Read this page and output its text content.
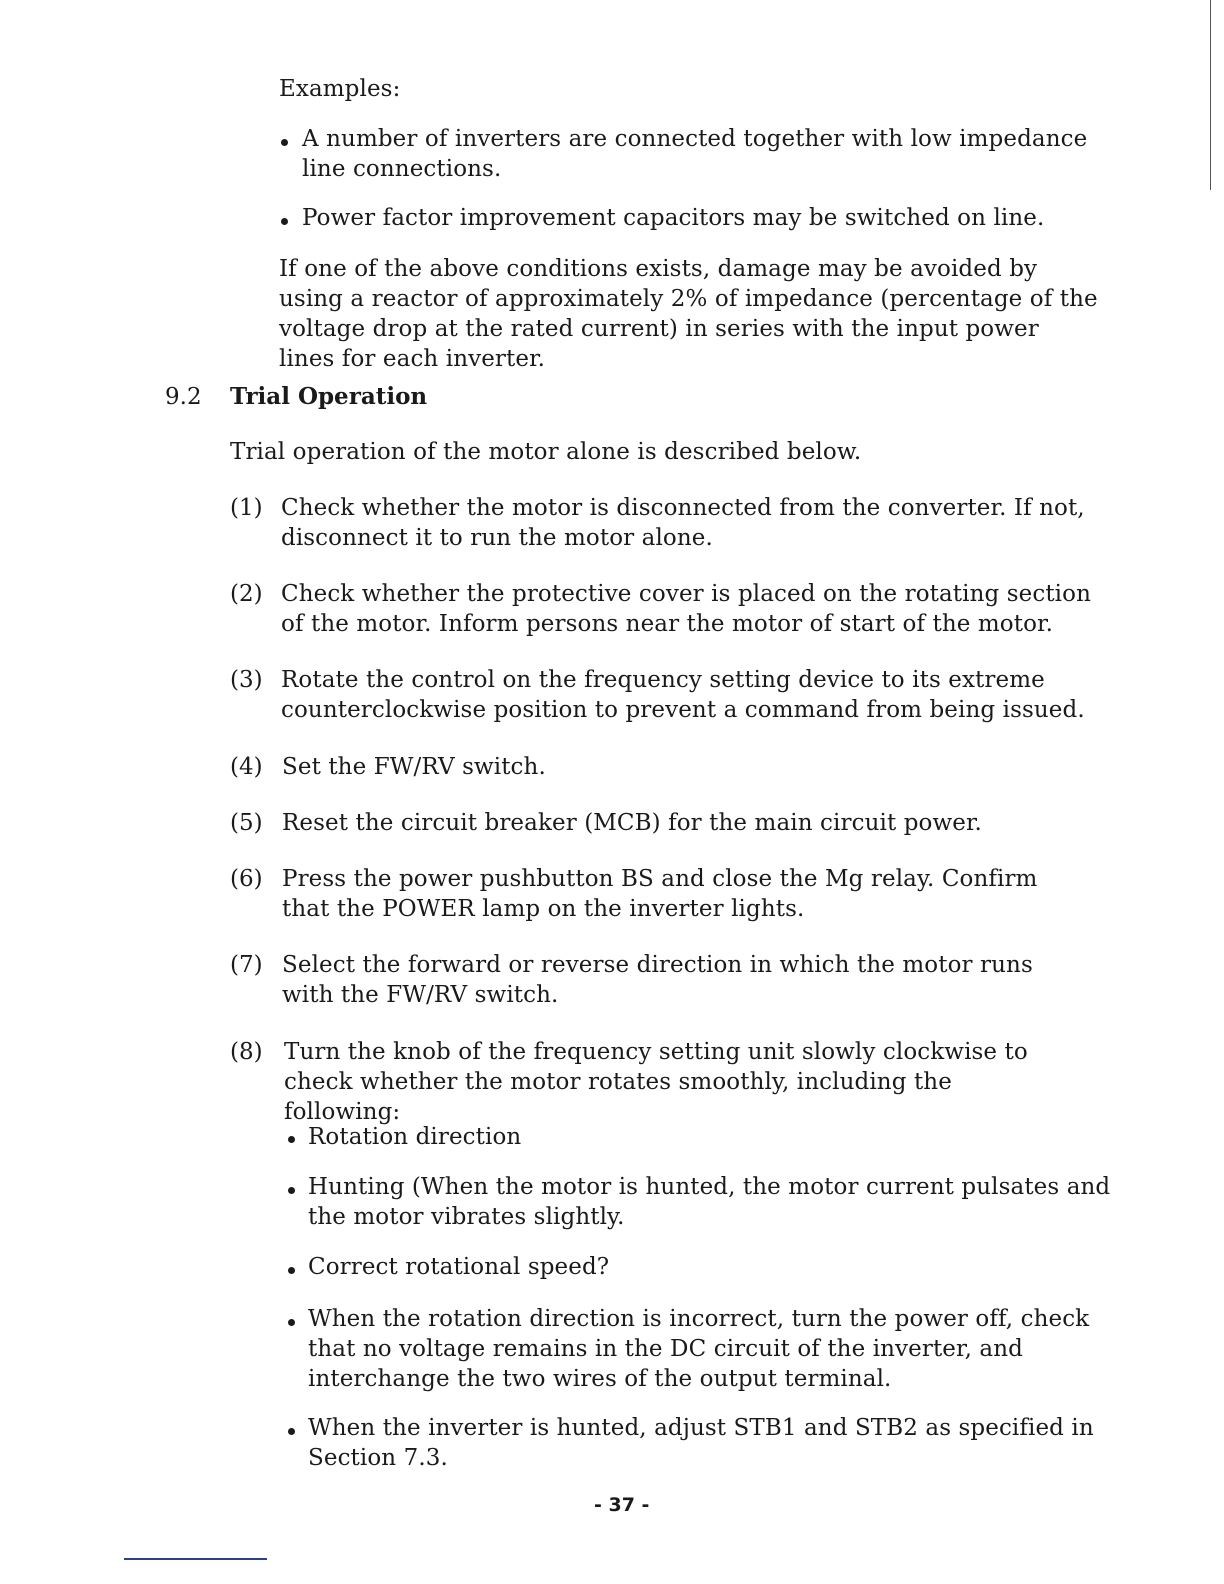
Examples:
A number of inverters are connected together with low impedance line connections.
Power factor improvement capacitors may be switched on line.
If one of the above conditions exists, damage may be avoided by using a reactor of approximately 2% of impedance (percentage of the voltage drop at the rated current) in series with the input power lines for each inverter.
9.2 Trial Operation
Trial operation of the motor alone is described below.
(1) Check whether the motor is disconnected from the converter. If not, disconnect it to run the motor alone.
(2) Check whether the protective cover is placed on the rotating section of the motor. Inform persons near the motor of start of the motor.
(3) Rotate the control on the frequency setting device to its extreme counterclockwise position to prevent a command from being issued.
(4) Set the FW/RV switch.
(5) Reset the circuit breaker (MCB) for the main circuit power.
(6) Press the power pushbutton BS and close the Mg relay. Confirm that the POWER lamp on the inverter lights.
(7) Select the forward or reverse direction in which the motor runs with the FW/RV switch.
(8) Turn the knob of the frequency setting unit slowly clockwise to check whether the motor rotates smoothly, including the following:
Rotation direction
Hunting (When the motor is hunted, the motor current pulsates and the motor vibrates slightly.
Correct rotational speed?
When the rotation direction is incorrect, turn the power off, check that no voltage remains in the DC circuit of the inverter, and interchange the two wires of the output terminal.
When the inverter is hunted, adjust STB1 and STB2 as specified in Section 7.3.
- 37 -
